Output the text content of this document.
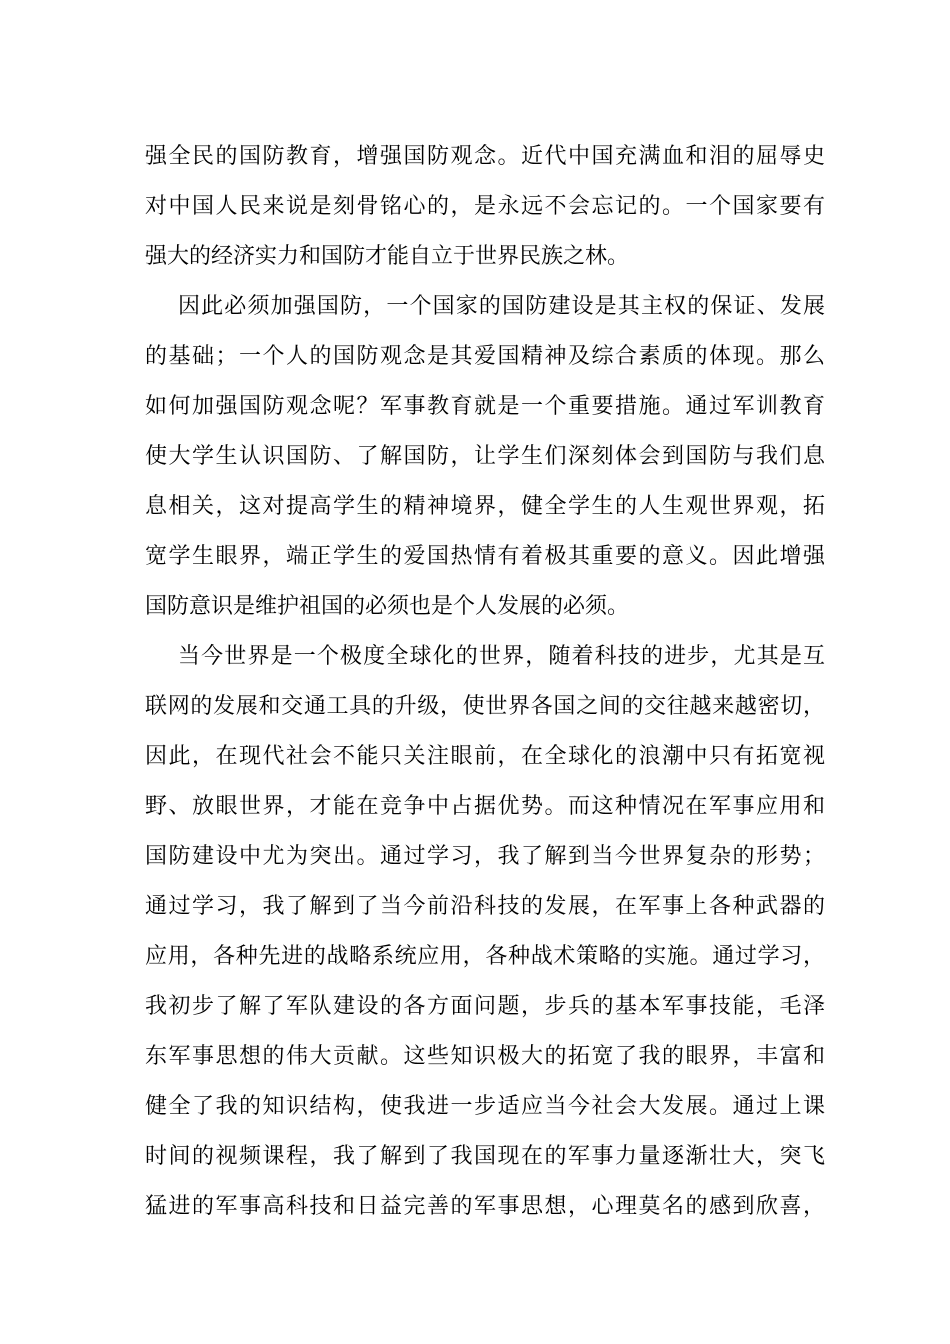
强全民的国防教育，增强国防观念。近代中国充满血和泪的屈辱史
对中国人民来说是刻骨铭心的，是永远不会忘记的。一个国家要有
强大的经济实力和国防才能自立于世界民族之林。
因此必须加强国防，一个国家的国防建设是其主权的保证、发展
的基础；一个人的国防观念是其爱国精神及综合素质的体现。那么
如何加强国防观念呢？军事教育就是一个重要措施。通过军训教育
使大学生认识国防、了解国防，让学生们深刻体会到国防与我们息
息相关，这对提高学生的精神境界，健全学生的人生观世界观，拓
宽学生眼界，端正学生的爱国热情有着极其重要的意义。因此增强
国防意识是维护祖国的必须也是个人发展的必须。
当今世界是一个极度全球化的世界，随着科技的进步，尤其是互
联网的发展和交通工具的升级，使世界各国之间的交往越来越密切，
因此，在现代社会不能只关注眼前，在全球化的浪潮中只有拓宽视
野、放眼世界，才能在竞争中占据优势。而这种情况在军事应用和
国防建设中尤为突出。通过学习，我了解到当今世界复杂的形势；
通过学习，我了解到了当今前沿科技的发展，在军事上各种武器的
应用，各种先进的战略系统应用，各种战术策略的实施。通过学习，
我初步了解了军队建设的各方面问题，步兵的基本军事技能，毛泽
东军事思想的伟大贡献。这些知识极大的拓宽了我的眼界，丰富和
健全了我的知识结构，使我进一步适应当今社会大发展。通过上课
时间的视频课程，我了解到了我国现在的军事力量逐渐壮大，突飞
猛进的军事高科技和日益完善的军事思想，心理莫名的感到欣喜，
